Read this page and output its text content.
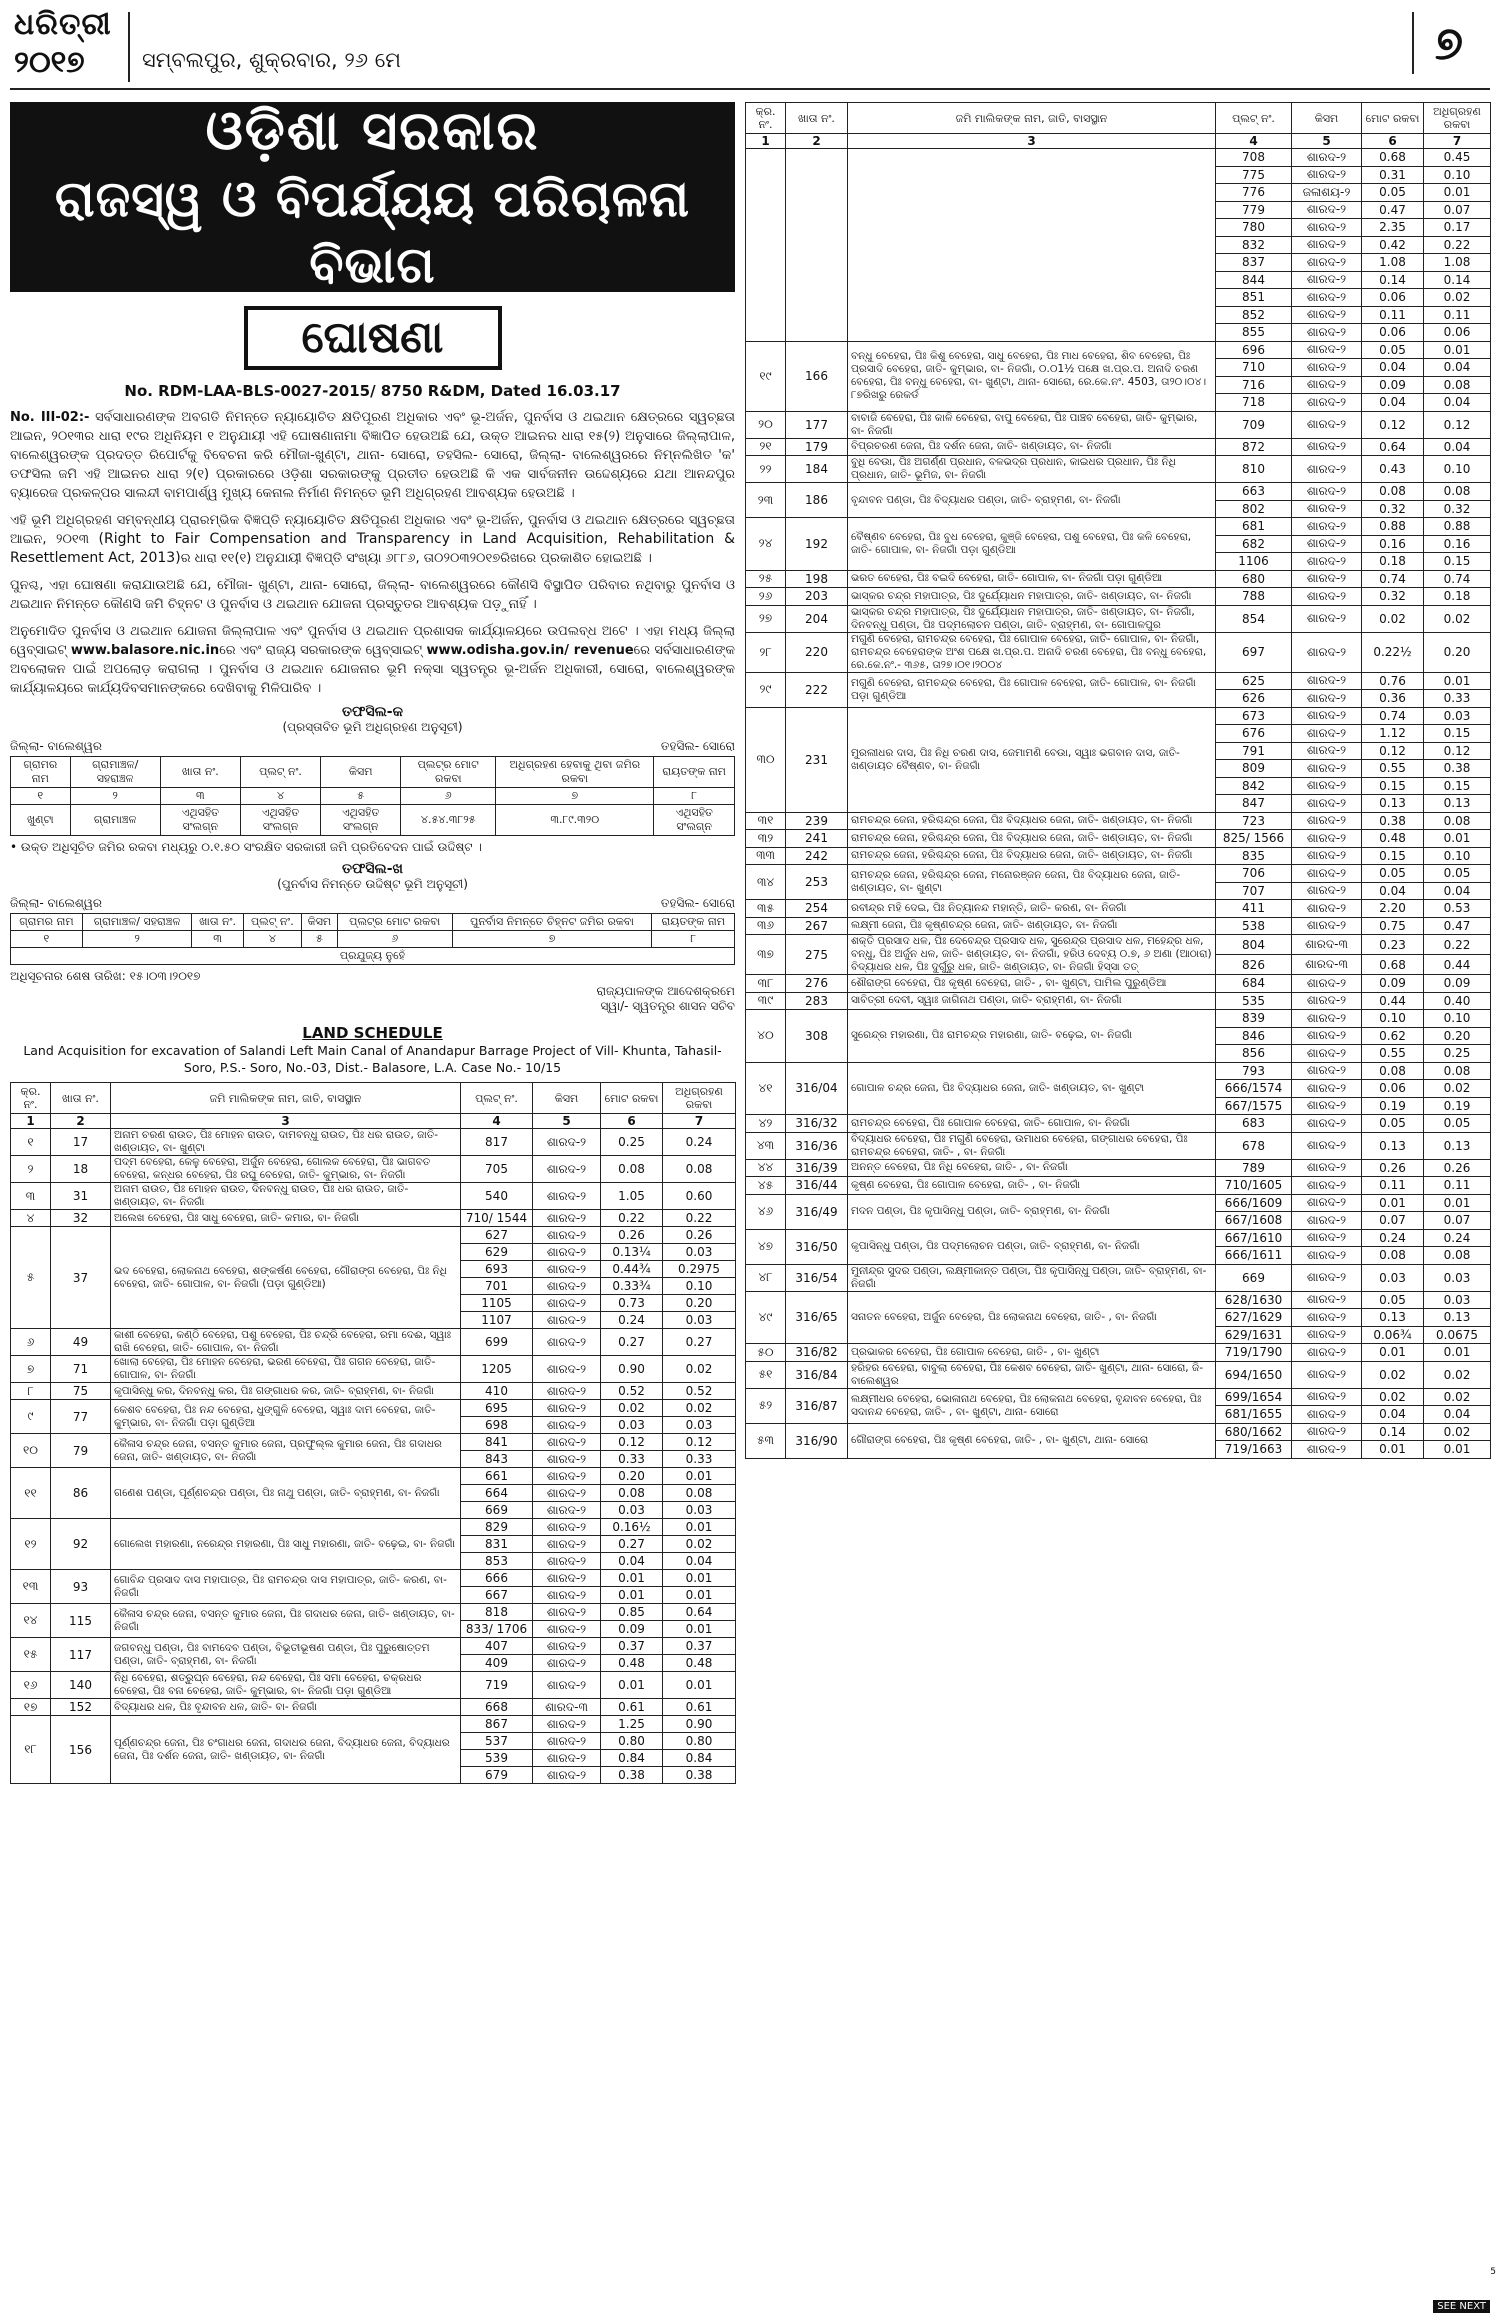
ଧରିତ୍ରୀ
୨୦୧୭	ସମ୍ବଲପୁର, ଶୁକ୍ରବାର, ୨୬ ମେ	୭
ଓଡ଼ିଶା ସରକାର
ରାଜସ୍ୱ ଓ ବିପର୍ଯ୍ୟୟ ପରିଚାଳନା ବିଭାଗ
ଘୋଷଣା
No. RDM-LAA-BLS-0027-2015/ 8750 R&DM, Dated 16.03.17
No. III-02:- ସର୍ବସାଧାରଣଙ୍କ ଅବଗତି ନିମନ୍ତେ ନ୍ୟାୟୋଚିତ କ୍ଷତିପୂରଣ ଅଧିକାର ଏବଂ ଭୂ-ଅର୍ଜନ, ପୁନର୍ବାସ ଓ ଥଇଥାନ କ୍ଷେତ୍ରରେ ସ୍ୱଚ୍ଛତା ଆଇନ, ୨୦୧୩ର ଧାରା ୧୯ର ଅଧିନିୟମ ୧ ଅନୁଯାୟୀ ଏହି ଘୋଷଣାନାମା ବିଜ୍ଞାପିତ ହେଉଅଛି ଯେ, ଉକ୍ତ ଆଇନର ଧାରା ୧୫(୨) ଅନୁସାରେ ଜିଲ୍ଲାପାଳ, ବାଲେଶ୍ୱରଙ୍କ ପ୍ରଦତ୍ତ ରିପୋର୍ଟକୁ ବିବେଚନା କରି ମୌଜା-ଖୁଣ୍ଟା, ଥାନା- ସୋରୋ, ତହସିଲ- ସୋରୋ, ଜିଲ୍ଲା- ବାଲେଶ୍ୱରରେ ନିମ୍ନଲିଖିତ 'କ' ତଫସିଲ ଜମି ଏହି ଆଇନର ଧାରା ୨(୧) ପ୍ରକାରରେ ଓଡ଼ିଶା ସରକାରଙ୍କୁ ପ୍ରତୀତ ହେଉଅଛି କି ଏକ ସାର୍ବଜନୀନ ଉଦ୍ଦେଶ୍ୟରେ ଯଥା ଆନନ୍ଦପୁର ବ୍ୟାରେଜ ପ୍ରକଳ୍ପର ସାଲନ୍ଦୀ ବାମପାର୍ଶ୍ୱ ମୁଖ୍ୟ କେନାଲ ନିର୍ମାଣ ନିମନ୍ତେ ଭୂମି ଅଧିଗ୍ରହଣ ଆବଶ୍ୟକ ହେଉଅଛି ।
ଏହି ଭୂମି ଅଧିଗ୍ରହଣ ସମ୍ବନ୍ଧୀୟ ପ୍ରାରମ୍ଭିକ ବିଜ୍ଞପ୍ତି ନ୍ୟାୟୋଚିତ କ୍ଷତିପୂରଣ ଅଧିକାର ଏବଂ ଭୂ-ଅର୍ଜନ, ପୁନର୍ବାସ ଓ ଥଇଥାନ କ୍ଷେତ୍ରରେ ସ୍ୱଚ୍ଛତା ଆଇନ, ୨୦୧୩ (Right to Fair Compensation and Transparency in Land Acquisition, Rehabilitation & Resettlement Act, 2013)ର ଧାରା ୧୧(୧) ଅନୁଯାୟୀ ବିଜ୍ଞପ୍ତି ସଂଖ୍ୟା ୬୮୮୬, ତା୦୨୦୩୨୦୧୭ରିଖରେ ପ୍ରକାଶିତ ହୋଇଅଛି ।
ପୁନଶ୍ଚ, ଏହା ଘୋଷଣା କରାଯାଉଅଛି ଯେ, ମୌଜା- ଖୁଣ୍ଟା, ଥାନା- ସୋରୋ, ଜିଲ୍ଲା- ବାଲେଶ୍ୱରରେ କୌଣସି ବିସ୍ଥାପିତ ପରିବାର ନଥିବାରୁ ପୁନର୍ବାସ ଓ ଥଇଥାନ ନିମନ୍ତେ କୌଣସି ଜମି ଚିହ୍ନଟ ଓ ପୁନର୍ବାସ ଓ ଥଇଥାନ ଯୋଜନା ପ୍ରସ୍ତୁତର ଆବଶ୍ୟକ ପଡ଼ୁନାହିଁ ।
ଅନୁମୋଦିତ ପୁନର୍ବାସ ଓ ଥଇଥାନ ଯୋଜନା ଜିଲ୍ଲାପାଳ ଏବଂ ପୁନର୍ବାସ ଓ ଥଇଥାନ ପ୍ରଶାସକ କାର୍ଯ୍ୟାଳୟରେ ଉପଲବ୍ଧ ଅଟେ । ଏହା ମଧ୍ୟ ଜିଲ୍ଲା ୱେବ୍‌ସାଇଟ୍ www.balasore.nic.inରେ ଏବଂ ରାଜ୍ୟ ସରକାରଙ୍କ ୱେବ୍‌ସାଇଟ୍ www.odisha.gov.in/ revenueରେ ସର୍ବସାଧାରଣଙ୍କ ଅବଲୋକନ ପାଇଁ ଅପଲୋଡ଼ କରାଗଲା । ପୁନର୍ବାସ ଓ ଥଇଥାନ ଯୋଜନାର ଭୂମି ନକ୍ସା ସ୍ୱତନ୍ତ୍ର ଭୂ-ଅର୍ଜନ ଅଧିକାରୀ, ସୋରୋ, ବାଲେଶ୍ୱରଙ୍କ କାର୍ଯ୍ୟାଳୟରେ କାର୍ଯ୍ୟଦିବସମାନଙ୍କରେ ଦେଖିବାକୁ ମିଳିପାରିବ ।
ତଫସିଲ-କ
(ପ୍ରସ୍ତାବିତ ଭୂମି ଅଧିଗ୍ରହଣ ଅନୁସୂଚୀ)
ଜିଲ୍ଲା- ବାଲେଶ୍ୱର	ତହସିଲ- ସୋରୋ
ଗ୍ରାମର ନାମ	ଗ୍ରାମାଞ୍ଚଳ/ ସହରାଞ୍ଚଳ	ଖାତା ନଂ.	ପ୍ଲଟ୍ ନଂ.	କିସମ	ପ୍ଲଟ୍‌ର ମୋଟ ରକବା	ଅଧିଗ୍ରହଣ ହେବାକୁ ଥିବା ଜମିର ରକବା	ରାୟତଙ୍କ ନାମ
୧	୨	୩	୪	୫	୬	୭	୮
ଖୁଣ୍ଟା	ଗ୍ରାମାଞ୍ଚଳ	ଏଥିସହିତ ସଂଲଗ୍ନ	ଏଥିସହିତ ସଂଲଗ୍ନ	ଏଥିସହିତ ସଂଲଗ୍ନ	୪.୫୪.୩୮୨୫	୩.୮୯.୩୨୦	ଏଥିସହିତ ସଂଲଗ୍ନ
• ଉକ୍ତ ଅଧିସୂଚିତ ଜମିର ରକବା ମଧ୍ୟରୁ ୦.୧.୫୦ ସଂରକ୍ଷିତ ସରକାରୀ ଜମି ପ୍ରତିବେଦନ ପାଇଁ ଉଦ୍ଦିଷ୍ଟ ।
ତଫସିଲ-ଖ
(ପୁନର୍ବାସ ନିମନ୍ତେ ଉଦ୍ଦିଷ୍ଟ ଭୂମି ଅନୁସୂଚୀ)
ଜିଲ୍ଲା- ବାଲେଶ୍ୱର	ତହସିଲ- ସୋରୋ
ଗ୍ରାମର ନାମ	ଗ୍ରାମାଞ୍ଚଳ/ ସହରାଞ୍ଚଳ	ଖାତା ନଂ.	ପ୍ଲଟ୍ ନଂ.	କିସମ	ପ୍ଲଟ୍‌ର ମୋଟ ରକବା	ପୁନର୍ବାସ ନିମନ୍ତେ ଚିହ୍ନଟ ଜମିର ରକବା	ରାୟତଙ୍କ ନାମ
୧	୨	୩	୪	୫	୬	୭	୮
ପ୍ରଯୁଜ୍ୟ ନୁହେଁ							
ଅଧିସୂଚନାର ଶେଷ ତାରିଖ: ୧୫।୦୩।୨୦୧୭
ରାଜ୍ୟପାଳଙ୍କ ଆଦେଶକ୍ରମେ
ସ୍ୱା/- ସ୍ୱତନ୍ତ୍ର ଶାସନ ସଚିବ
LAND SCHEDULE
Land Acquisition for excavation of Salandi Left Main Canal of Anandapur Barrage Project of Vill- Khunta, Tahasil- Soro, P.S.- Soro, No.-03, Dist.- Balasore, L.A. Case No.- 10/15
କ୍ର. ନଂ.	ଖାତା ନଂ.	ଜମି ମାଲିକଙ୍କ ନାମ, ଜାତି, ବାସସ୍ଥାନ	ପ୍ଲଟ୍ ନଂ.	କିସମ	ମୋଟ ରକବା	ଅଧିଗ୍ରହଣ ରକବା
1	2	3	4	5	6	7
୧	17	ଅନାମ ଚରଣ ରାଉତ, ପିଃ ମୋହନ ରାଉତ, ଦାମବନ୍ଧୁ ରାଉତ, ପିଃ ଧର ରାଉତ, ଜାତି- ଖଣ୍ଡାୟତ, ବା- ଖୁଣ୍ଟା	817	ଶାରଦ-୨	0.25	0.24
୨	18	ପଦ୍ମ ବେହେରା, କେଳୁ ବେହେରା, ଅର୍ଜୁନ ବେହେରା, ଗୋଲକ ବେହେରା, ପିଃ ଭାଗବତ ବେହେରା, କନ୍ଧର ବେହେରା, ପିଃ ରଘୁ ବେହେରା, ଜାତି- କୁମ୍ଭାର, ବା- ନିଜଗାଁ	705	ଶାରଦ-୨	0.08	0.08
୩	31	ଅନାମ ରାଉତ, ପିଃ ମୋହନ ରାଉତ, ଦିନବନ୍ଧୁ ରାଉତ, ପିଃ ଧର ରାଉତ, ଜାତି- ଖଣ୍ଡାୟତ, ବା- ନିଜଗାଁ	540	ଶାରଦ-୨	1.05	0.60
୪	32	ଅଲେଖ ବେହେରା, ପିଃ ସାଧୁ ବେହେରା, ଜାତି- କମାର, ବା- ନିଜଗାଁ	710/ 1544	ଶାରଦ-୨	0.22	0.22
୫	37	ଭଦ ବେହେରା, ଲୋକନାଥ ବେହେରା, ଶଙ୍କର୍ଷଣ ବେହେରା, ଗୌରାଙ୍ଗ ବେହେରା, ପିଃ ନିଧି ବେହେରା, ଜାତି- ଗୋପାଳ, ବା- ନିଜଗାଁ (ପଡ଼ା ଗୁଣ୍ଡିଆ)	627	ଶାରଦ-୨	0.26	0.26
			629	ଶାରଦ-୨	0.13¼	0.03
			693	ଶାରଦ-୨	0.44¾	0.2975
			701	ଶାରଦ-୨	0.33¾	0.10
			1105	ଶାରଦ-୨	0.73	0.20
			1107	ଶାରଦ-୨	0.24	0.03
୬	49	କାଶୀ ବେହେରା, କଣ୍ଠି ବେହେରା, ପଶୁ ବେହେରା, ପିଃ ଚନ୍ଦ୍ରି ବେହେରା, ରମା ଦେଈ, ସ୍ୱାଃ ରାଖି ବେହେରା, ଜାତି- ଗୋପାଳ, ବା- ନିଜଗାଁ	699	ଶାରଦ-୨	0.27	0.27
୭	71	ଖୋଲା ବେହେରା, ପିଃ ମୋହନ ବେହେରା, ଭରଣ ବେହେରା, ପିଃ ଗଗନ ବେହେରା, ଜାତି- ଗୋପାଳ, ବା- ନିଜଗାଁ	1205	ଶାରଦ-୨	0.90	0.02
୮	75	କୃପାସିନ୍ଧୁ କର, ଦିନବନ୍ଧୁ କର, ପିଃ ଗଙ୍ଗାଧର କର, ଜାତି- ବ୍ରାହ୍ମଣ, ବା- ନିଜଗାଁ	410	ଶାରଦ-୨	0.52	0.52
୯	77	କେଶବ ବେହେରା, ପିଃ ନନ୍ଦ ବେହେରା, ଧୁଙ୍ଗୁଳି ବେହେରା, ସ୍ୱାଃ ଦାମ ବେହେରା, ଜାତି- କୁମ୍ଭାର, ବା- ନିଜଗାଁ ପଡ଼ା ଗୁଣ୍ଡିଆ	695	ଶାରଦ-୨	0.02	0.02
			698	ଶାରଦ-୨	0.03	0.03
୧୦	79	କୈଳାସ ଚନ୍ଦ୍ର ଜେନା, ବସନ୍ତ କୁମାର ଜେନା, ପ୍ରଫୁଲ୍ଲ କୁମାର ଜେନା, ପିଃ ଗଦାଧର ଜେନା, ଜାତି- ଖଣ୍ଡାୟତ, ବା- ନିଜଗାଁ	841	ଶାରଦ-୨	0.12	0.12
			843	ଶାରଦ-୨	0.33	0.33
୧୧	86	ଗଣେଶ ପଣ୍ଡା, ପୂର୍ଣ୍ଣଚନ୍ଦ୍ର ପଣ୍ଡା, ପିଃ ନାଥୁ ପଣ୍ଡା, ଜାତି- ବ୍ରାହ୍ମଣ, ବା- ନିଜଗାଁ	661	ଶାରଦ-୨	0.20	0.01
			664	ଶାରଦ-୨	0.08	0.08
			669	ଶାରଦ-୨	0.03	0.03
୧୨	92	ଗୋଲେଖ ମହାରଣା, ନରେନ୍ଦ୍ର ମହାରଣା, ପିଃ ସାଧୁ ମହାରଣା, ଜାତି- ବଢ଼େଇ, ବା- ନିଜଗାଁ	829	ଶାରଦ-୨	0.16½	0.01
			831	ଶାରଦ-୨	0.27	0.02
			853	ଶାରଦ-୨	0.04	0.04
୧୩	93	ଗୋବିନ୍ଦ ପ୍ରସାଦ ଦାସ ମହାପାତ୍ର, ପିଃ ରାମଚନ୍ଦ୍ର ଦାସ ମହାପାତ୍ର, ଜାତି- କରଣ, ବା- ନିଜଗାଁ	666	ଶାରଦ-୨	0.01	0.01
			667	ଶାରଦ-୨	0.01	0.01
୧୪	115	କୈଳାସ ଚନ୍ଦ୍ର ଜେନା, ବସନ୍ତ କୁମାର ଜେନା, ପିଃ ଗଦାଧର ଜେନା, ଜାତି- ଖଣ୍ଡାୟତ, ବା- ନିଜଗାଁ	818	ଶାରଦ-୨	0.85	0.64
			833/ 1706	ଶାରଦ-୨	0.09	0.01
୧୫	117	ଜଗବନ୍ଧୁ ପଣ୍ଡା, ପିଃ ବାମଦେବ ପଣ୍ଡା, ବିଭୂତୀଭୂଷଣ ପଣ୍ଡା, ପିଃ ପୁରୁଷୋତ୍ତମ ପଣ୍ଡା, ଜାତି- ବ୍ରାହ୍ମଣ, ବା- ନିଜଗାଁ	407	ଶାରଦ-୨	0.37	0.37
			409	ଶାରଦ-୨	0.48	0.48
୧୬	140	ନିଧି ବେହେରା, ଶତ୍ରୁଘ୍ନ ବେହେରା, ନନ୍ଦ ବେହେରା, ପିଃ ସମା ବେହେରା, ଚକ୍ରଧର ବେହେରା, ପିଃ ବନା ବେହେରା, ଜାତି- କୁମ୍ଭାର, ବା- ନିଜଗାଁ ପଡ଼ା ଗୁଣ୍ଡିଆ	719	ଶାରଦ-୨	0.01	0.01
୧୭	152	ବିଦ୍ୟାଧର ଧଳ, ପିଃ ବୃନ୍ଦାବନ ଧଳ, ଜାତି- ବା- ନିଜଗାଁ	668	ଶାରଦ-୩	0.61	0.61
୧୮	156	ପୂର୍ଣ୍ଣଚନ୍ଦ୍ର ଜେନା, ପିଃ ଚଂଗାଧର ଜେନା, ଗଦାଧର ଜେନା, ବିଦ୍ୟାଧର ଜେନା, ବିଦ୍ୟାଧର ଜେନା, ପିଃ ଦର୍ଶନ ଜେନା, ଜାତି- ଖଣ୍ଡାୟତ, ବା- ନିଜଗାଁ	867	ଶାରଦ-୨	1.25	0.90
			537	ଶାରଦ-୨	0.80	0.80
			539	ଶାରଦ-୨	0.84	0.84
			679	ଶାରଦ-୨	0.38	0.38
କ୍ର. ନଂ.	ଖାତା ନଂ.	ଜମି ମାଲିକଙ୍କ ନାମ, ଜାତି, ବାସସ୍ଥାନ	ପ୍ଲଟ୍ ନଂ.	କିସମ	ମୋଟ ରକବା	ଅଧିଗ୍ରହଣ ରକବା
1	2	3	4	5	6	7
			708	ଶାରଦ-୨	0.68	0.45
			775	ଶାରଦ-୨	0.31	0.10
			776	ଜଳାଶୟ-୨	0.05	0.01
			779	ଶାରଦ-୨	0.47	0.07
			780	ଶାରଦ-୨	2.35	0.17
			832	ଶାରଦ-୨	0.42	0.22
			837	ଶାରଦ-୨	1.08	1.08
			844	ଶାରଦ-୨	0.14	0.14
			851	ଶାରଦ-୨	0.06	0.02
			852	ଶାରଦ-୨	0.11	0.11
			855	ଶାରଦ-୨	0.06	0.06
୧୯	166	ବନ୍ଧୁ ବେହେରା, ପିଃ କିଶୁ ବେହେରା, ସାଧୁ ବେହେରା, ପିଃ ମାଧ ବେହେରା, ଶିବ ବେହେରା, ପିଃ ପ୍ରସାଦି ବେହେରା, ଜାତି- କୁମ୍ଭାର, ବା- ନିଜଗାଁ, ୦.୦1½ ପକ୍ଷେ ଖ.ପ୍ର.ପ. ଅନାଦି ଚରଣ ବେହେରା, ପିଃ ବନ୍ଧୁ ବେହେରା, ବା- ଖୁଣ୍ଟା, ଥାନା- ସୋରୋ, ରେ.କେ.ନଂ. 4503, ତା୨୦।୦୪।୮୭ରିଖରୁ ରେକର୍ଡ	696	ଶାରଦ-୨	0.05	0.01
			710	ଶାରଦ-୨	0.04	0.04
			716	ଶାରଦ-୨	0.09	0.08
			718	ଶାରଦ-୨	0.04	0.04
୨୦	177	ବାବାଜି ବେହେରା, ପିଃ କାଳି ବେହେରା, ବାପୁ ବେହେରା, ପିଃ ପାଞ୍ଚବ ବେହେରା, ଜାତି- କୁମ୍ଭାର, ବା- ନିଜଗାଁ	709	ଶାରଦ-୨	0.12	0.12
୨୧	179	ବିପ୍ରଚରଣ ଜେନା, ପିଃ ଦର୍ଶନ ଜେନା, ଜାତି- ଖଣ୍ଡାୟତ, ବା- ନିଜଗାଁ	872	ଶାରଦ-୨	0.64	0.04
୨୨	184	ବୁଧି ବେଉା, ପିଃ ଅଗର୍ଣ୍ଣ ପ୍ରଧାନ, ବଳଭଦ୍ର ପ୍ରଧାନ, କାଇଧର ପ୍ରଧାନ, ପିଃ ନିଧି ପ୍ରଧାନ, ଜାତି- ଭୂମିଜ, ବା- ନିଜଗାଁ	810	ଶାରଦ-୨	0.43	0.10
୨୩	186	ବୃନ୍ଦାବନ ପଣ୍ଡା, ପିଃ ବିଦ୍ୟାଧର ପଣ୍ଡା, ଜାତି- ବ୍ରାହ୍ମଣ, ବା- ନିଜଗାଁ	663	ଶାରଦ-୨	0.08	0.08
			802	ଶାରଦ-୨	0.32	0.32
୨୪	192	ବୈଷ୍ଣବ ବେହେରା, ପିଃ ବୁଧ ବେହେରା, କୁଞ୍ଜି ବେହେରା, ପଶୁ ବେହେରା, ପିଃ କଳି ବେହେରା, ଜାତି- ଗୋପାଳ, ବା- ନିଜଗାଁ ପଡ଼ା ଗୁଣ୍ଡିଆ	681	ଶାରଦ-୨	0.88	0.88
			682	ଶାରଦ-୨	0.16	0.16
			1106	ଶାରଦ-୨	0.18	0.15
୨୫	198	ଭରତ ବେହେରା, ପିଃ ବଇଦି ବେହେରା, ଜାତି- ଗୋପାଳ, ବା- ନିଜଗାଁ ପଡ଼ା ଗୁଣ୍ଡିଆ	680	ଶାରଦ-୨	0.74	0.74
୨୬	203	ଭାସ୍କର ଚନ୍ଦ୍ର ମହାପାତ୍ର, ପିଃ ଦୁର୍ଯ୍ୟୋଧନ ମହାପାତ୍ର, ଜାତି- ଖଣ୍ଡାୟତ, ବା- ନିଜଗାଁ	788	ଶାରଦ-୨	0.32	0.18
୨୭	204	ଭାସ୍କର ଚନ୍ଦ୍ର ମହାପାତ୍ର, ପିଃ ଦୁର୍ଯ୍ୟୋଧନ ମହାପାତ୍ର, ଜାତି- ଖଣ୍ଡାୟତ, ବା- ନିଜଗାଁ, ଦିନବନ୍ଧୁ ପଣ୍ଡା, ପିଃ ପଦ୍ମଲୋଚନ ପଣ୍ଡା, ଜାତି- ବ୍ରାହ୍ମଣ, ବା- ଗୋପାଳପୁର	854	ଶାରଦ-୨	0.02	0.02
୨୮	220	ମଗୁଣି ବେହେରା, ରାମଚନ୍ଦ୍ର ବେହେରା, ପିଃ ଗୋପାଳ ବେହେରା, ଜାତି- ଗୋପାଳ, ବା- ନିଜଗାଁ, ରାମଚନ୍ଦ୍ର ବେହେରାଙ୍କ ଅଂଶ ପକ୍ଷେ ଖ.ପ୍ର.ପ. ଅନାଦି ଚରଣ ବେହେରା, ପିଃ ବନ୍ଧୁ ବେହେରା, ରେ.କେ.ନଂ.- ୩୬୫, ତା୨୭।୦୧।୨୦୦୪	697	ଶାରଦ-୨	0.22½	0.20
୨୯	222	ମଗୁଣି ବେହେରା, ରାମଚନ୍ଦ୍ର ବେହେରା, ପିଃ ଗୋପାଳ ବେହେରା, ଜାତି- ଗୋପାଳ, ବା- ନିଜଗାଁ ପଡ଼ା ଗୁଣ୍ଡିଆ	625	ଶାରଦ-୨	0.76	0.01
			626	ଶାରଦ-୨	0.36	0.33
୩୦	231	ମୁରଲୀଧର ଦାସ, ପିଃ ନିଧି ଚରଣ ଦାସ, ଜେମାମଣି ବେଉା, ସ୍ୱାଃ ଭଗବାନ ଦାସ, ଜାତି- ଖଣ୍ଡାୟତ ବୈଷ୍ଣବ, ବା- ନିଜଗାଁ	673	ଶାରଦ-୨	0.74	0.03
			676	ଶାରଦ-୨	1.12	0.15
			791	ଶାରଦ-୨	0.12	0.12
			809	ଶାରଦ-୨	0.55	0.38
			842	ଶାରଦ-୨	0.15	0.15
			847	ଶାରଦ-୨	0.13	0.13
୩୧	239	ରାମଚନ୍ଦ୍ର ଜେନା, ହରିଶ୍ଚନ୍ଦ୍ର ଜେନା, ପିଃ ବିଦ୍ୟାଧର ଜେନା, ଜାତି- ଖଣ୍ଡାୟତ, ବା- ନିଜଗାଁ	723	ଶାରଦ-୨	0.38	0.08
୩୨	241	ରାମଚନ୍ଦ୍ର ଜେନା, ହରିଶ୍ଚନ୍ଦ୍ର ଜେନା, ପିଃ ବିଦ୍ୟାଧର ଜେନା, ଜାତି- ଖଣ୍ଡାୟତ, ବା- ନିଜଗାଁ	825/ 1566	ଶାରଦ-୨	0.48	0.01
୩୩	242	ରାମଚନ୍ଦ୍ର ଜେନା, ହରିଶ୍ଚନ୍ଦ୍ର ଜେନା, ପିଃ ବିଦ୍ୟାଧର ଜେନା, ଜାତି- ଖଣ୍ଡାୟତ, ବା- ନିଜଗାଁ	835	ଶାରଦ-୨	0.15	0.10
୩୪	253	ରାମଚନ୍ଦ୍ର ଜେନା, ହରିଶ୍ଚନ୍ଦ୍ର ଜେନା, ମନୋରଞ୍ଜନ ଜେନା, ପିଃ ବିଦ୍ୟାଧର ଜେନା, ଜାତି- ଖଣ୍ଡାୟତ, ବା- ଖୁଣ୍ଟା	706	ଶାରଦ-୨	0.05	0.05
			707	ଶାରଦ-୨	0.04	0.04
୩୫	254	ରବୀନ୍ଦ୍ର ମହି ଦେଇ, ପିଃ ନିତ୍ୟାନନ୍ଦ ମହାନ୍ତି, ଜାତି- କରଣ, ବା- ନିଜଗାଁ	411	ଶାରଦ-୨	2.20	0.53
୩୬	267	ଲକ୍ଷ୍ମୀ ଜେନା, ପିଃ କୃଷ୍ଣଚନ୍ଦ୍ର ଜେନା, ଜାତି- ଖଣ୍ଡାୟତ, ବା- ନିଜଗାଁ	538	ଶାରଦ-୨	0.75	0.47
୩୭	275	ଶକ୍ତି ପ୍ରସାଦ ଧଳ, ପିଃ ଦେବେନ୍ଦ୍ର ପ୍ରସାଦ ଧଳ, ସୁରେନ୍ଦ୍ର ପ୍ରସାଦ ଧଳ, ମହେନ୍ଦ୍ର ଧଳ, ବନ୍ଧୁ, ପିଃ ଅର୍ଜୁନ ଧଳ, ଜାତି- ଖଣ୍ଡାୟତ, ବା- ନିଜଗାଁ, ହରିଓ ଦେବ୍ୟ ୦.୭, ୬ ଅଣା (ଆଠାରା) ବିଦ୍ୟାଧର ଧଳ, ପିଃ ଦୁର୍ଗୁରୁ ଧଳ, ଜାତି- ଖଣ୍ଡାୟତ, ବା- ନିଜଗାଁ ହିସ୍ସା ତତ୍	804	ଶାରଦ-୩	0.23	0.22
			826	ଶାରଦ-୩	0.68	0.44
୩୮	276	ଶୌରାଙ୍ଗ ବେହେରା, ପିଃ କୃଷ୍ଣ ବେହେରା, ଜାତି- , ବା- ଖୁଣ୍ଟା, ପାମିଲ ପୁରୁଣ୍ଡିଆ	684	ଶାରଦ-୨	0.09	0.09
୩୯	283	ସାବିତ୍ରୀ ଦେବୀ, ସ୍ୱାଃ ଜାଗିନାଥ ପଣ୍ଡା, ଜାତି- ବ୍ରାହ୍ମଣ, ବା- ନିଜଗାଁ	535	ଶାରଦ-୨	0.44	0.40
୪୦	308	ସୁରେନ୍ଦ୍ର ମହାରଣା, ପିଃ ରାମଚନ୍ଦ୍ର ମହାରଣା, ଜାତି- ବଢ଼େଇ, ବା- ନିଜଗାଁ	839	ଶାରଦ-୨	0.10	0.10
			846	ଶାରଦ-୨	0.62	0.20
			856	ଶାରଦ-୨	0.55	0.25
୪୧	316/04	ଗୋପାଳ ଚନ୍ଦ୍ର ଜେନା, ପିଃ ବିଦ୍ୟାଧର ଜେନା, ଜାତି- ଖଣ୍ଡାୟତ, ବା- ଖୁଣ୍ଟା	793	ଶାରଦ-୨	0.08	0.08
			666/1574	ଶାରଦ-୨	0.06	0.02
			667/1575	ଶାରଦ-୨	0.19	0.19
୪୨	316/32	ରାମଚନ୍ଦ୍ର ବେହେରା, ପିଃ ଗୋପାଳ ବେହେରା, ଜାତି- ଗୋପାଳ, ବା- ନିଜଗାଁ	683	ଶାରଦ-୨	0.05	0.05
୪୩	316/36	ବିଦ୍ୟାଧର ବେହେରା, ପିଃ ମଗୁଣି ବେହେରା, ଉମାଧର ବେହେରା, ଗଙ୍ଗାଧର ବେହେରା, ପିଃ ରାମଚନ୍ଦ୍ର ବେହେରା, ଜାତି- , ବା- ନିଜଗାଁ	678	ଶାରଦ-୨	0.13	0.13
୪୪	316/39	ଅନନ୍ତ ବେହେରା, ପିଃ ନିଧି ବେହେରା, ଜାତି- , ବା- ନିଜଗାଁ	789	ଶାରଦ-୨	0.26	0.26
୪୫	316/44	କୃଷ୍ଣ ବେହେରା, ପିଃ ଗୋପାଳ ବେହେରା, ଜାତି- , ବା- ନିଜଗାଁ	710/1605	ଶାରଦ-୨	0.11	0.11
୪୬	316/49	ମଦନ ପଣ୍ଡା, ପିଃ କୃପାସିନ୍ଧୁ ପଣ୍ଡା, ଜାତି- ବ୍ରାହ୍ମଣ, ବା- ନିଜଗାଁ	666/1609	ଶାରଦ-୨	0.01	0.01
			667/1608	ଶାରଦ-୨	0.07	0.07
୪୭	316/50	କୃପାସିନ୍ଧୁ ପଣ୍ଡା, ପିଃ ପଦ୍ମଲୋଚନ ପଣ୍ଡା, ଜାତି- ବ୍ରାହ୍ମଣ, ବା- ନିଜଗାଁ	667/1610	ଶାରଦ-୨	0.24	0.24
			666/1611	ଶାରଦ-୨	0.08	0.08
୪୮	316/54	ମୁନୀନ୍ଦ୍ର ସୁଦର ପଣ୍ଡା, ଲକ୍ଷ୍ମୀକାନ୍ତ ପଣ୍ଡା, ପିଃ କୃପାସିନ୍ଧୁ ପଣ୍ଡା, ଜାତି- ବ୍ରାହ୍ମଣ, ବା- ନିଜଗାଁ	669	ଶାରଦ-୨	0.03	0.03
୪୯	316/65	ସନାତନ ବେହେରା, ଅର୍ଜୁନ ବେହେରା, ପିଃ ଲୋକନାଥ ବେହେରା, ଜାତି- , ବା- ନିଜଗାଁ	628/1630	ଶାରଦ-୨	0.05	0.03
			627/1629	ଶାରଦ-୨	0.13	0.13
			629/1631	ଶାରଦ-୨	0.06¾	0.0675
୫୦	316/82	ପ୍ରଭାକର ବେହେରା, ପିଃ ଗୋପାଳ ବେହେରା, ଜାତି- , ବା- ଖୁଣ୍ଟା	719/1790	ଶାରଦ-୨	0.01	0.01
୫୧	316/84	ହରିହର ବେହେରା, ବାବୁଲା ବେହେରା, ପିଃ କେଶବ ବେହେରା, ଜାତି- ଖୁଣ୍ଟା, ଥାନା- ସୋରୋ, ଜି- ବାଲେଶ୍ୱର	694/1650	ଶାରଦ-୨	0.02	0.02
୫୨	316/87	ଲକ୍ଷ୍ମୀଧର ବେହେରା, ଭୋଳାନାଥ ବେହେରା, ପିଃ ଲୋକନାଥ ବେହେରା, ବୃନ୍ଦାବନ ବେହେରା, ପିଃ ସଦାନନ୍ଦ ବେହେରା, ଜାତି- , ବା- ଖୁଣ୍ଟା, ଥାନା- ସୋରୋ	699/1654	ଶାରଦ-୨	0.02	0.02
			681/1655	ଶାରଦ-୨	0.04	0.04
୫୩	316/90	ଗୌରାଙ୍ଗ ବେହେରା, ପିଃ କୃଷ୍ଣ ବେହେରା, ଜାତି- , ବା- ଖୁଣ୍ଟା, ଥାନା- ସୋରୋ	680/1662	ଶାରଦ-୨	0.14	0.02
			719/1663	ଶାରଦ-୨	0.01	0.01
5
SEE NEXT
